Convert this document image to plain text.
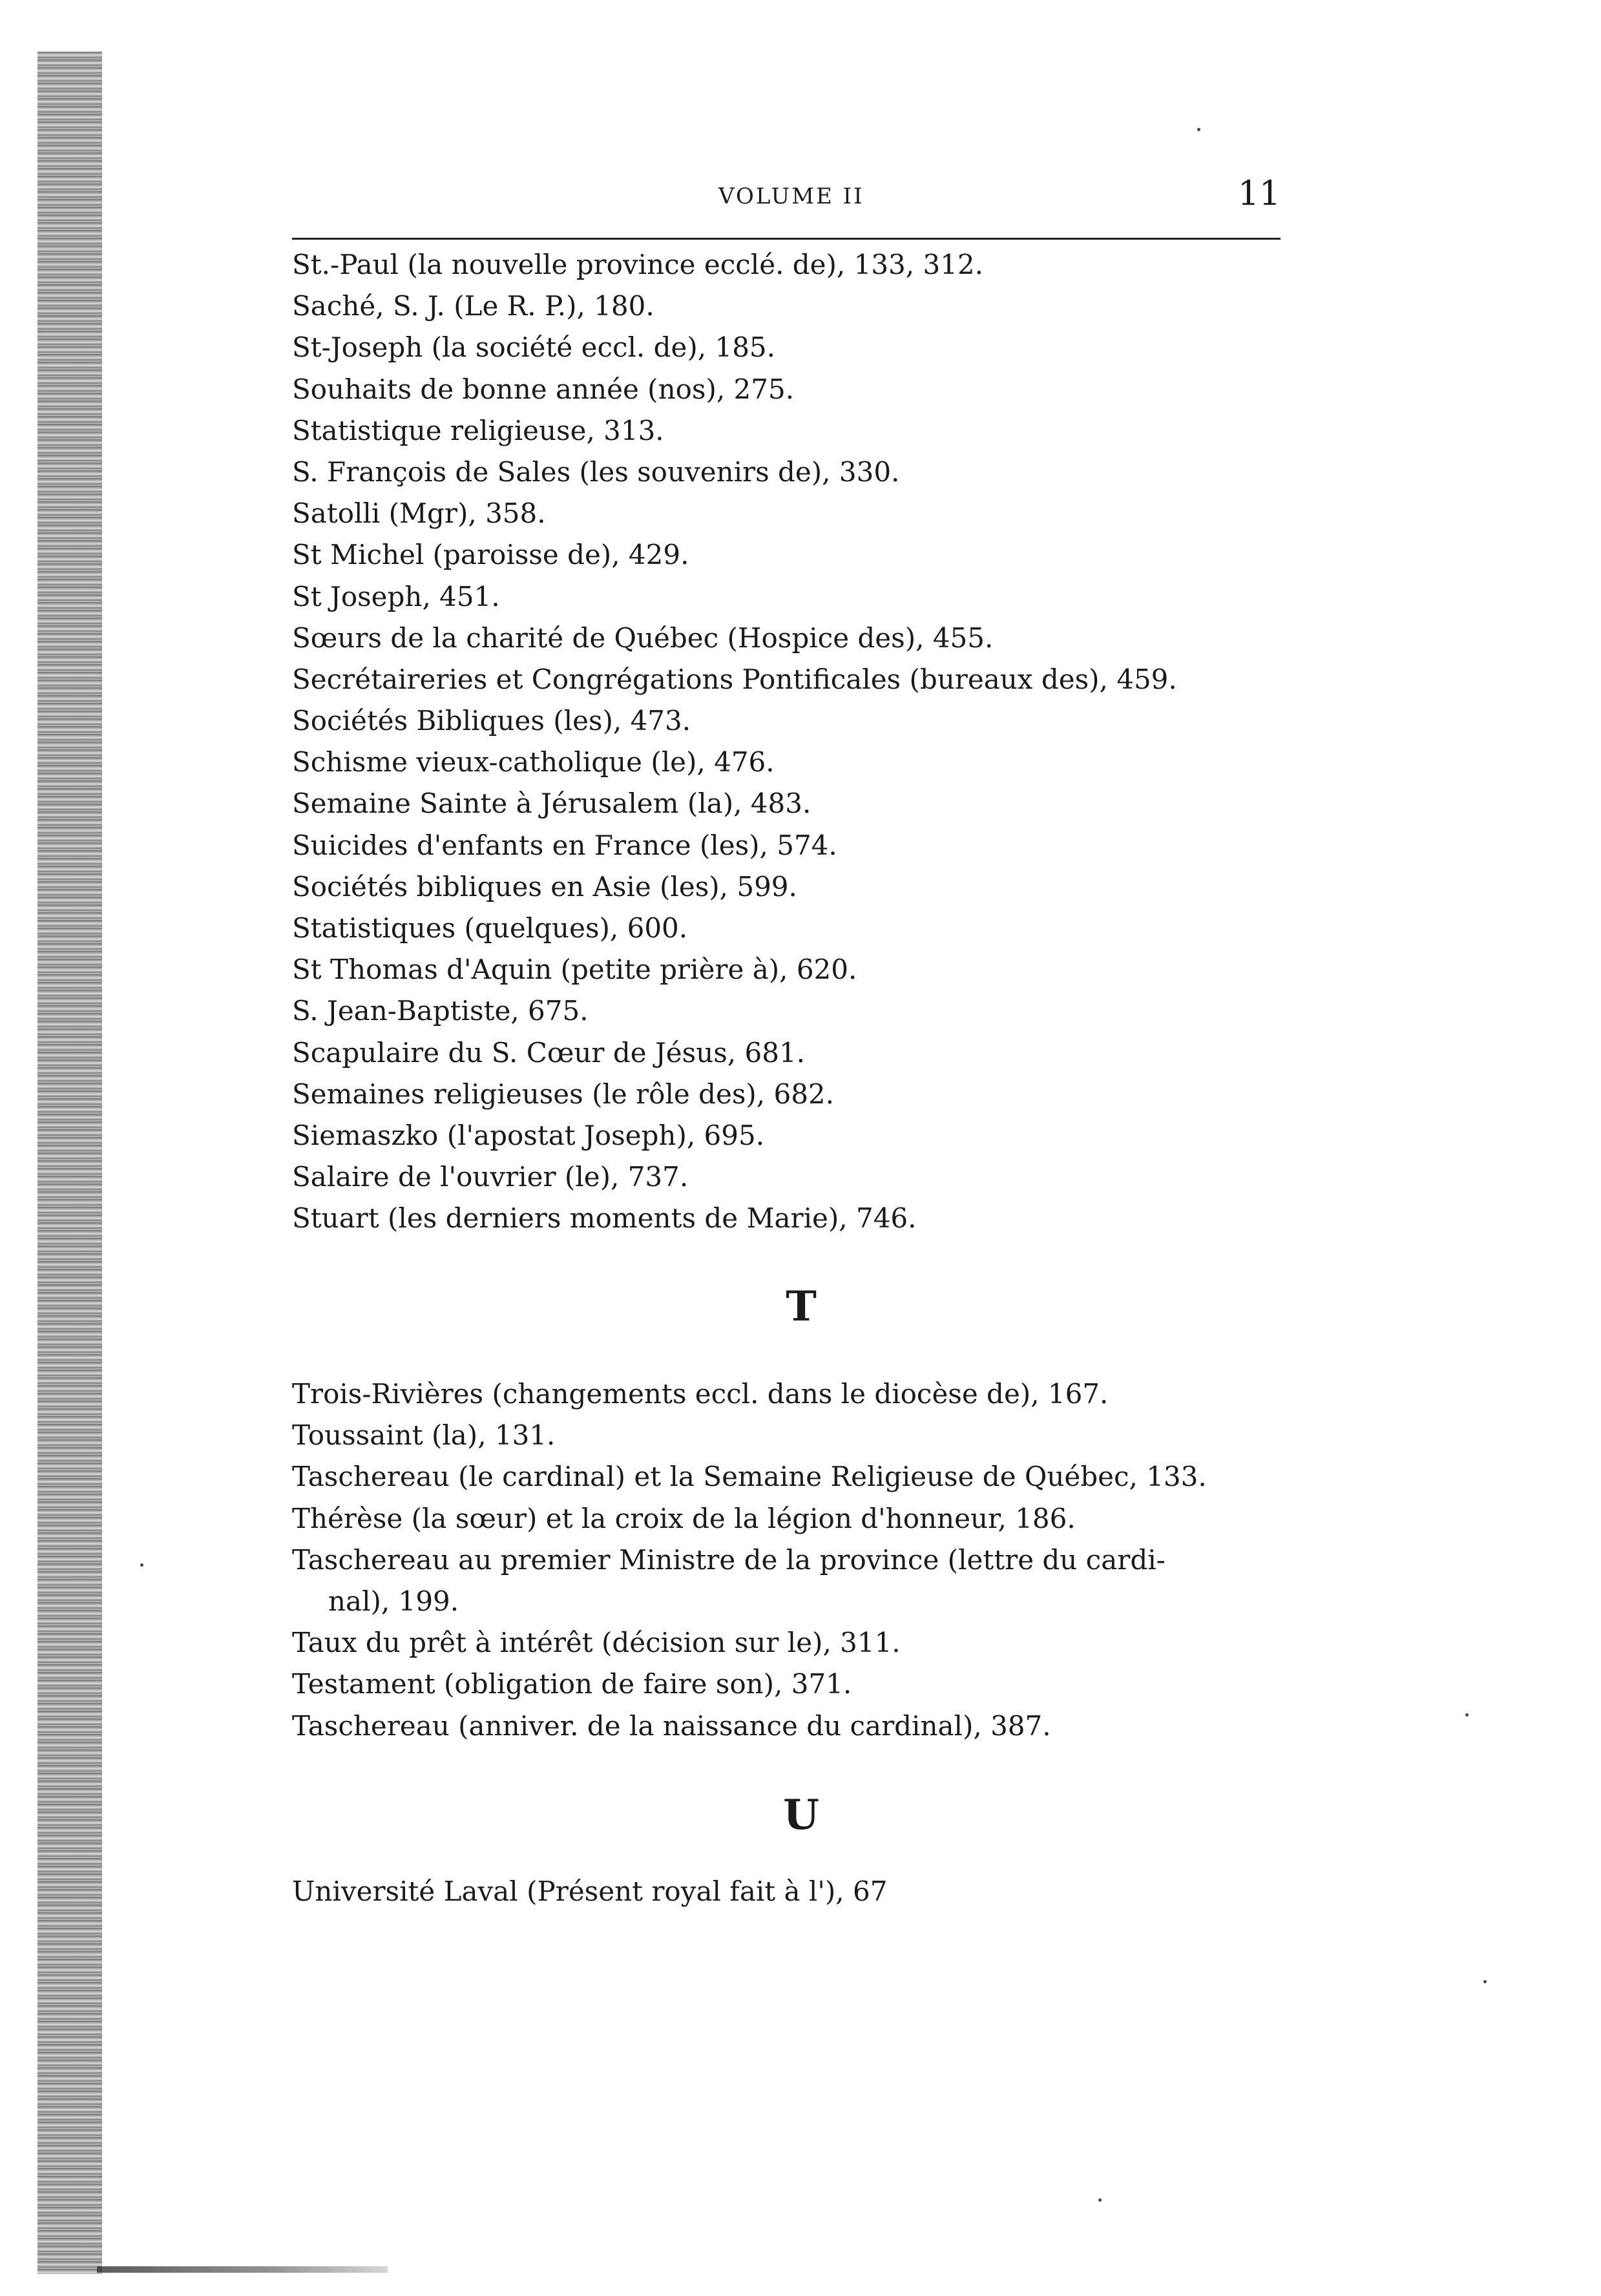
VOLUME II	11

St.-Paul (la nouvelle province ecclé. de), 133, 312.

Saché, S. J. (Le R. P.), 180.

St-Joseph (la société eccl. de), 185.

Souhaits de bonne année (nos), 275.

Statistique religieuse, 313.

S. François de Sales (les souvenirs de), 330.

Satolli (Mgr), 358.

St Michel (paroisse de), 429.

St Joseph, 451.

Sœurs de la charité de Québec (Hospice des), 455.

Secrétaireries et Congrégations Pontificales (bureaux des), 459.

Sociétés Bibliques (les), 473.

Schisme vieux-catholique (le), 476.

Semaine Sainte à Jérusalem (la), 483.

Suicides d'enfants en France (les), 574.

Sociétés bibliques en Asie (les), 599.

Statistiques (quelques), 600.

St Thomas d'Aquin (petite prière à), 620.

S. Jean-Baptiste, 675.

Scapulaire du S. Cœur de Jésus, 681.

Semaines religieuses (le rôle des), 682.

Siemaszko (l'apostat Joseph), 695.

Salaire de l'ouvrier (le), 737.

Stuart (les derniers moments de Marie), 746.

T

Trois-Rivières (changements eccl. dans le diocèse de), 167.

Toussaint (la), 131.

Taschereau (le cardinal) et la Semaine Religieuse de Québec, 133.

Thérèse (la sœur) et la croix de la légion d'honneur, 186.

Taschereau au premier Ministre de la province (lettre du cardi-
nal), 199.

Taux du prêt à intérêt (décision sur le), 311.

Testament (obligation de faire son), 371.

Taschereau (anniver. de la naissance du cardinal), 387.

U

Université Laval (Présent royal fait à l'), 67
